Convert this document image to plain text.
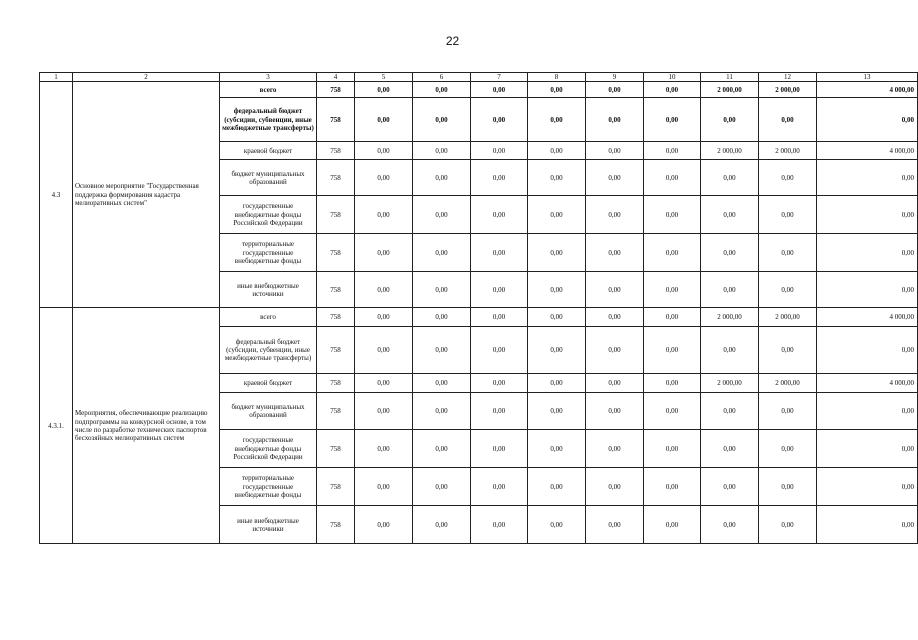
22
1	2	3	4	5	6	7	8	9	10	11	12	13
4.3	Основное мероприятие "Государственная поддержка формирования кадастра мелиоративных систем"	всего	758	0,00	0,00	0,00	0,00	0,00	0,00	2 000,00	2 000,00	4 000,00
		федеральный бюджет (субсидии, субвенции, иные межбюджетные трансферты)	758	0,00	0,00	0,00	0,00	0,00	0,00	0,00	0,00	0,00
		краевой бюджет	758	0,00	0,00	0,00	0,00	0,00	0,00	2 000,00	2 000,00	4 000,00
		бюджет муниципальных образований	758	0,00	0,00	0,00	0,00	0,00	0,00	0,00	0,00	0,00
		государственные внебюджетные фонды Российской Федерации	758	0,00	0,00	0,00	0,00	0,00	0,00	0,00	0,00	0,00
		территориальные государственные внебюджетные фонды	758	0,00	0,00	0,00	0,00	0,00	0,00	0,00	0,00	0,00
		иные внебюджетные источники	758	0,00	0,00	0,00	0,00	0,00	0,00	0,00	0,00	0,00
4.3.1.	Мероприятия, обеспечивающие реализацию подпрограммы на конкурсной основе, в том числе по разработке технических паспортов бесхозяйных мелиоративных систем	всего	758	0,00	0,00	0,00	0,00	0,00	0,00	2 000,00	2 000,00	4 000,00
		федеральный бюджет (субсидии, субвенции, иные межбюджетные трансферты)	758	0,00	0,00	0,00	0,00	0,00	0,00	0,00	0,00	0,00
		краевой бюджет	758	0,00	0,00	0,00	0,00	0,00	0,00	2 000,00	2 000,00	4 000,00
		бюджет муниципальных образований	758	0,00	0,00	0,00	0,00	0,00	0,00	0,00	0,00	0,00
		государственные внебюджетные фонды Российской Федерации	758	0,00	0,00	0,00	0,00	0,00	0,00	0,00	0,00	0,00
		территориальные государственные внебюджетные фонды	758	0,00	0,00	0,00	0,00	0,00	0,00	0,00	0,00	0,00
		иные внебюджетные источники	758	0,00	0,00	0,00	0,00	0,00	0,00	0,00	0,00	0,00
